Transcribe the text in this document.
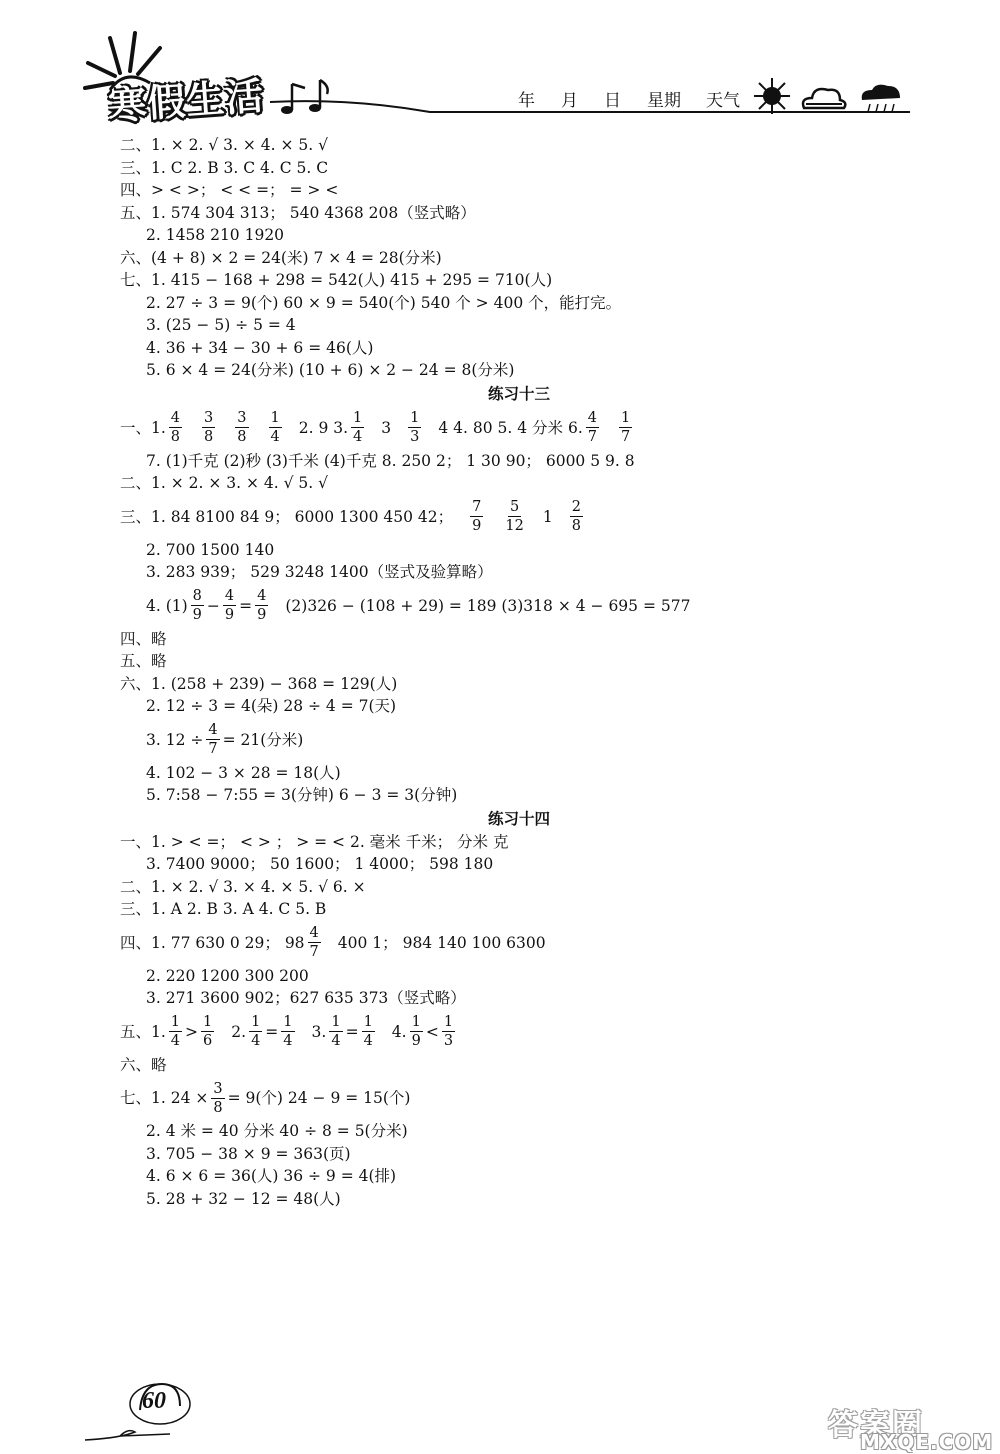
寒假生活	年 月 日 星期	天气
二、1. × 2. √ 3. × 4. × 5. √
三、1. C 2. B 3. C 4. C 5. C
四、> < >； < < =； = > <
五、1. 574 304 313； 540 4368 208（竖式略）
2. 1458 210 1920
六、(4 + 8) × 2 = 24(米) 7 × 4 = 28(分米)
七、1. 415 − 168 + 298 = 542(人) 415 + 295 = 710(人)
2. 27 ÷ 3 = 9(个) 60 × 9 = 540(个) 540 个 > 400 个，能打完。
3. (25 − 5) ÷ 5 = 4
4. 36 + 34 − 30 + 6 = 46(人)
5. 6 × 4 = 24(分米) (10 + 6) × 2 − 24 = 8(分米)
练习十三
一、1. $\frac{4}{8} \frac{3}{8} \frac{3}{8} \frac{1}{4} 2$. 9 3. $\frac{1}{4} 3 \frac{1}{3} 4$ 4. 80 5. 4 分米 6. $\frac{4}{7} \frac{1}{7}$
7. (1)千克 (2)秒 (3)千米 (4)千克 8. 250 2； 1 30 90； 6000 5 9. 8
二、1. × 2. × 3. × 4. √ 5. √
三、1. 84 8100 84 9； 6000 1300 450 42； $\frac{7}{9} \frac{5}{12} 1 \frac{2}{8}$
2. 700 1500 140
3. 283 939； 529 3248 1400（竖式及验算略）
4. $(1) \frac{8}{9} - \frac{4}{9} = \frac{4}{9} (2)326 - (108 + 29) = 189$ (3)318 × 4 − 695 = 577
四、略
五、略
六、1. (258 + 239) − 368 = 129(人)
2. 12 ÷ 3 = 4(朵) 28 ÷ 4 = 7(天)
3. $12 \div \frac{4}{7} = 21$(分米)
4. 102 − 3 × 28 = 18(人)
5. 7:58 − 7:55 = 3(分钟) 6 − 3 = 3(分钟)
练习十四
一、1. > < =； < > ； > = < 2. 毫米 千米； 分米 克
3. 7400 9000； 50 1600； 1 4000； 598 180
二、1. × 2. √ 3. × 4. × 5. √ 6. ×
三、1. A 2. B 3. A 4. C 5. B
四、1. 77 630 0 29； $98 \frac{4}{7} 400$ 1； 984 140 100 6300
2. 220 1200 300 200
3. 271 3600 902；627 635 373（竖式略）
五、1. $\frac{1}{4} > \frac{1}{6} 2$. $\frac{1}{4} = \frac{1}{4} 3$. $\frac{1}{4} = \frac{1}{4} 4$. $\frac{1}{9} < \frac{1}{3}$
六、略
七、1. $24 \times \frac{3}{8} = 9$(个) 24 − 9 = 15(个)
2. 4 米 = 40 分米 40 ÷ 8 = 5(分米)
3. 705 − 38 × 9 = 363(页)
4. 6 × 6 = 36(人) 36 ÷ 9 = 4(排)
5. 28 + 32 − 12 = 48(人)
60
答案圈
MXQE.COM
